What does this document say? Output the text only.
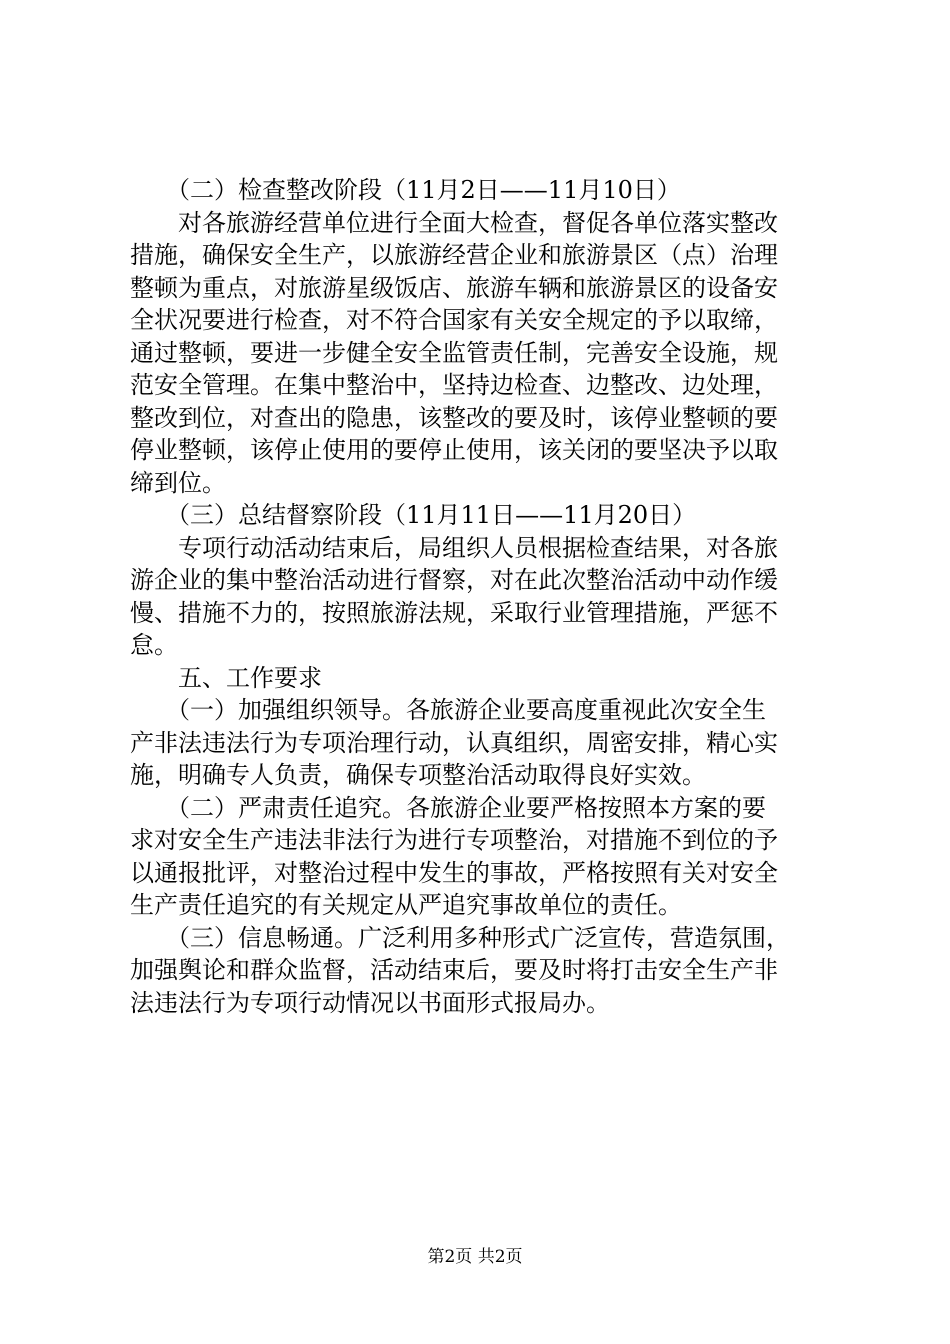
　　（二）检查整改阶段（11月2日——11月10日）
　　对各旅游经营单位进行全面大检查，督促各单位落实整改
措施，确保安全生产，以旅游经营企业和旅游景区（点）治理
整顿为重点，对旅游星级饭店、旅游车辆和旅游景区的设备安
全状况要进行检查，对不符合国家有关安全规定的予以取缔，
通过整顿，要进一步健全安全监管责任制，完善安全设施，规
范安全管理。在集中整治中，坚持边检查、边整改、边处理，
整改到位，对查出的隐患，该整改的要及时，该停业整顿的要
停业整顿，该停止使用的要停止使用，该关闭的要坚决予以取
缔到位。
　　（三）总结督察阶段（11月11日——11月20日）
　　专项行动活动结束后，局组织人员根据检查结果，对各旅
游企业的集中整治活动进行督察，对在此次整治活动中动作缓
慢、措施不力的，按照旅游法规，采取行业管理措施，严惩不
怠。
　　五、工作要求
　　（一）加强组织领导。各旅游企业要高度重视此次安全生
产非法违法行为专项治理行动，认真组织，周密安排，精心实
施，明确专人负责，确保专项整治活动取得良好实效。
　　（二）严肃责任追究。各旅游企业要严格按照本方案的要
求对安全生产违法非法行为进行专项整治，对措施不到位的予
以通报批评，对整治过程中发生的事故，严格按照有关对安全
生产责任追究的有关规定从严追究事故单位的责任。
　　（三）信息畅通。广泛利用多种形式广泛宣传，营造氛围，
加强舆论和群众监督，活动结束后，要及时将打击安全生产非
法违法行为专项行动情况以书面形式报局办。
第2页 共2页
